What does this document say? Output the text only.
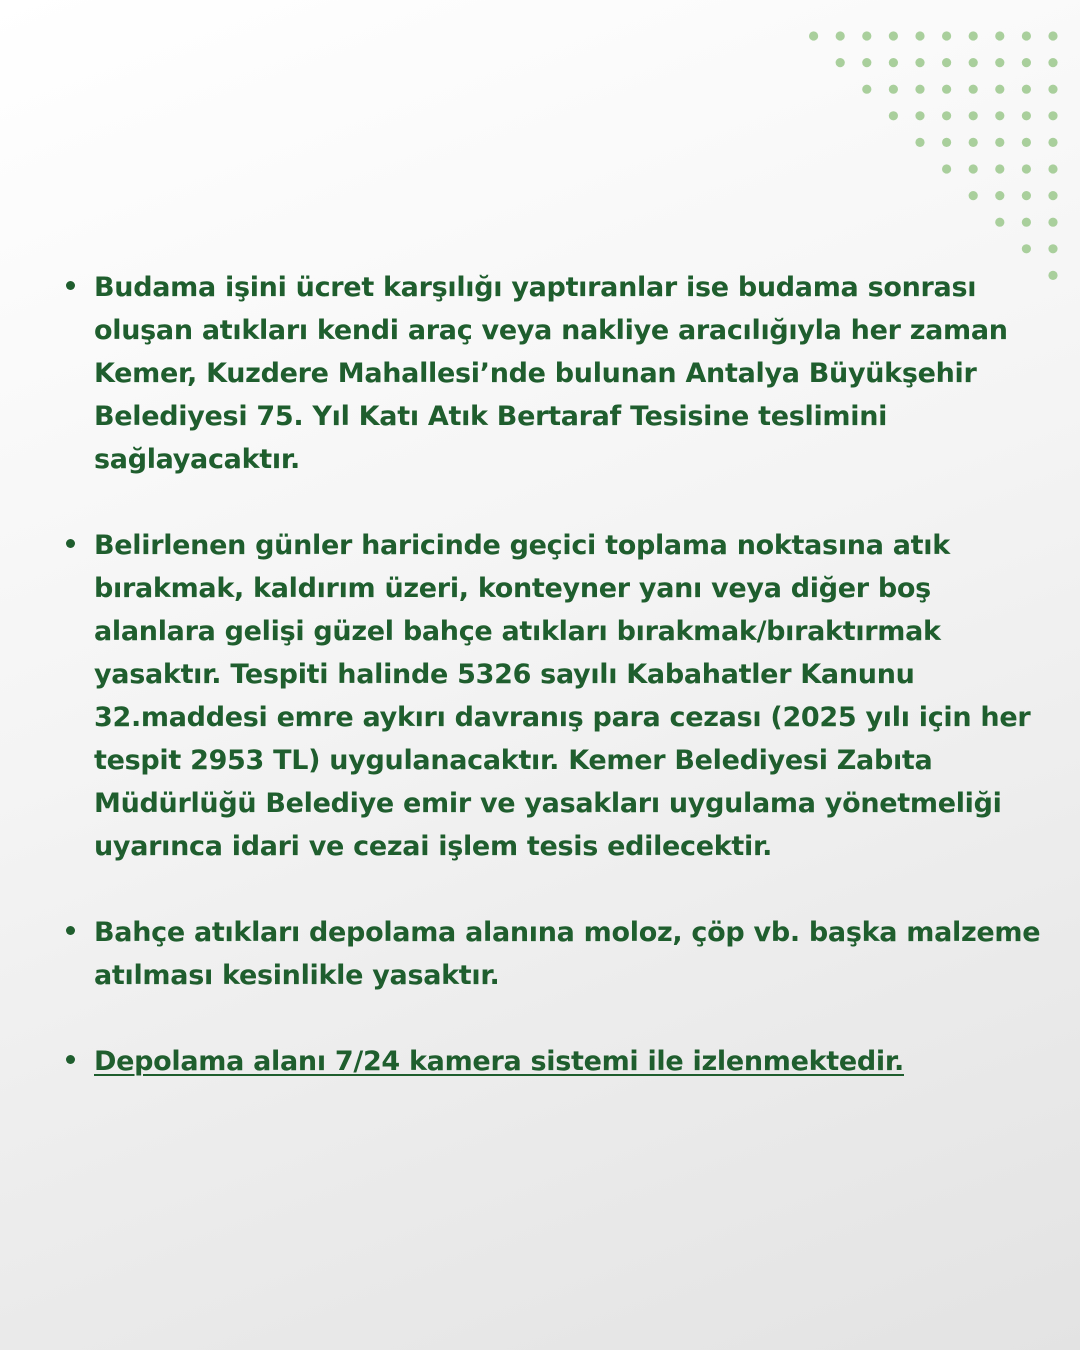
Budama işini ücret karşılığı yaptıranlar ise budama sonrası oluşan atıkları kendi araç veya nakliye aracılığıyla her zaman Kemer, Kuzdere Mahallesi’nde bulunan Antalya Büyükşehir Belediyesi 75. Yıl Katı Atık Bertaraf Tesisine teslimini sağlayacaktır.
Belirlenen günler haricinde geçici toplama noktasına atık bırakmak, kaldırım üzeri, konteyner yanı veya diğer boş alanlara gelişi güzel bahçe atıkları bırakmak/bıraktırmak yasaktır. Tespiti halinde 5326 sayılı Kabahatler Kanunu 32.maddesi emre aykırı davranış para cezası (2025 yılı için her tespit 2953 TL) uygulanacaktır. Kemer Belediyesi Zabıta Müdürlüğü Belediye emir ve yasakları uygulama yönetmeliği uyarınca idari ve cezai işlem tesis edilecektir.
Bahçe atıkları depolama alanına moloz, çöp vb. başka malzeme atılması kesinlikle yasaktır.
Depolama alanı 7/24 kamera sistemi ile izlenmektedir.
